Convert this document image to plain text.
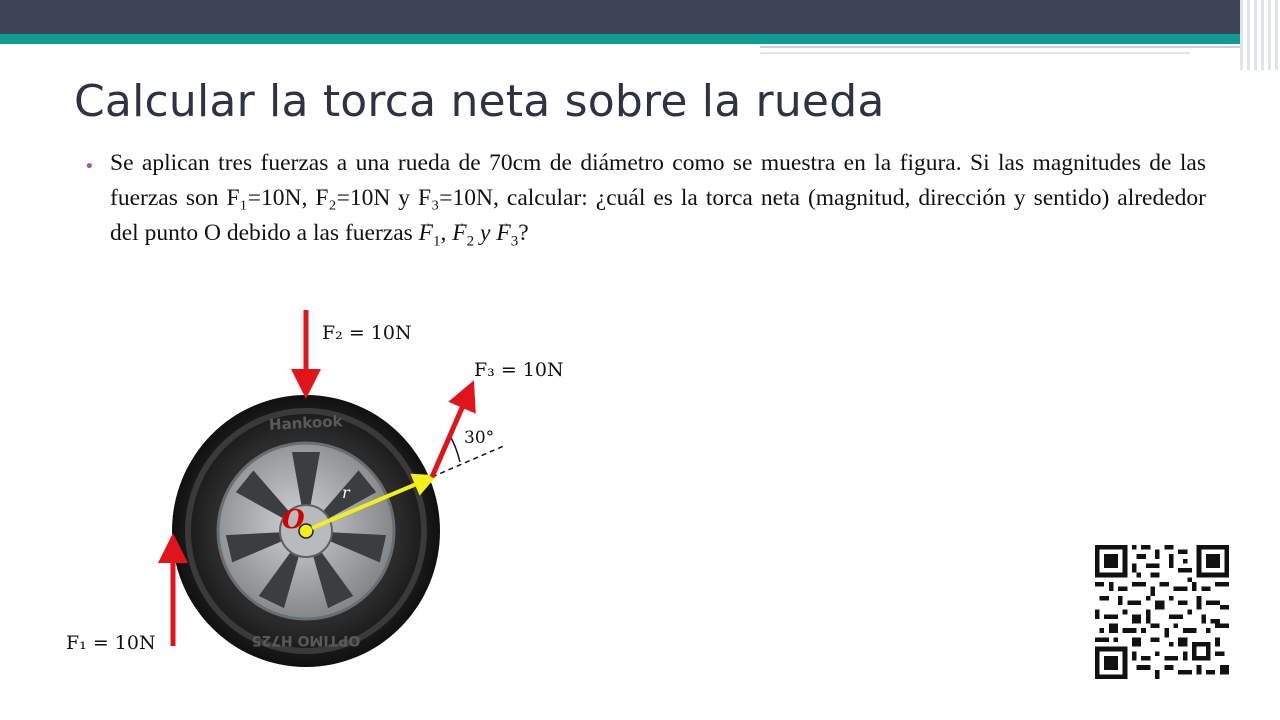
Calcular la torca neta sobre la rueda
• Se aplican tres fuerzas a una rueda de 70cm de diámetro como se muestra en la figura. Si las magnitudes de las fuerzas son F₁=10N, F₂=10N y F₃=10N, calcular: ¿cuál es la torca neta (magnitud, dirección y sentido) alrededor del punto O debido a las fuerzas → $F_1$, → $F_2$ $y \to F_3$?
Hankook
OPTIMO H725
O
r
30°
F₂ = 10N
F₃ = 10N
F₁ = 10N
